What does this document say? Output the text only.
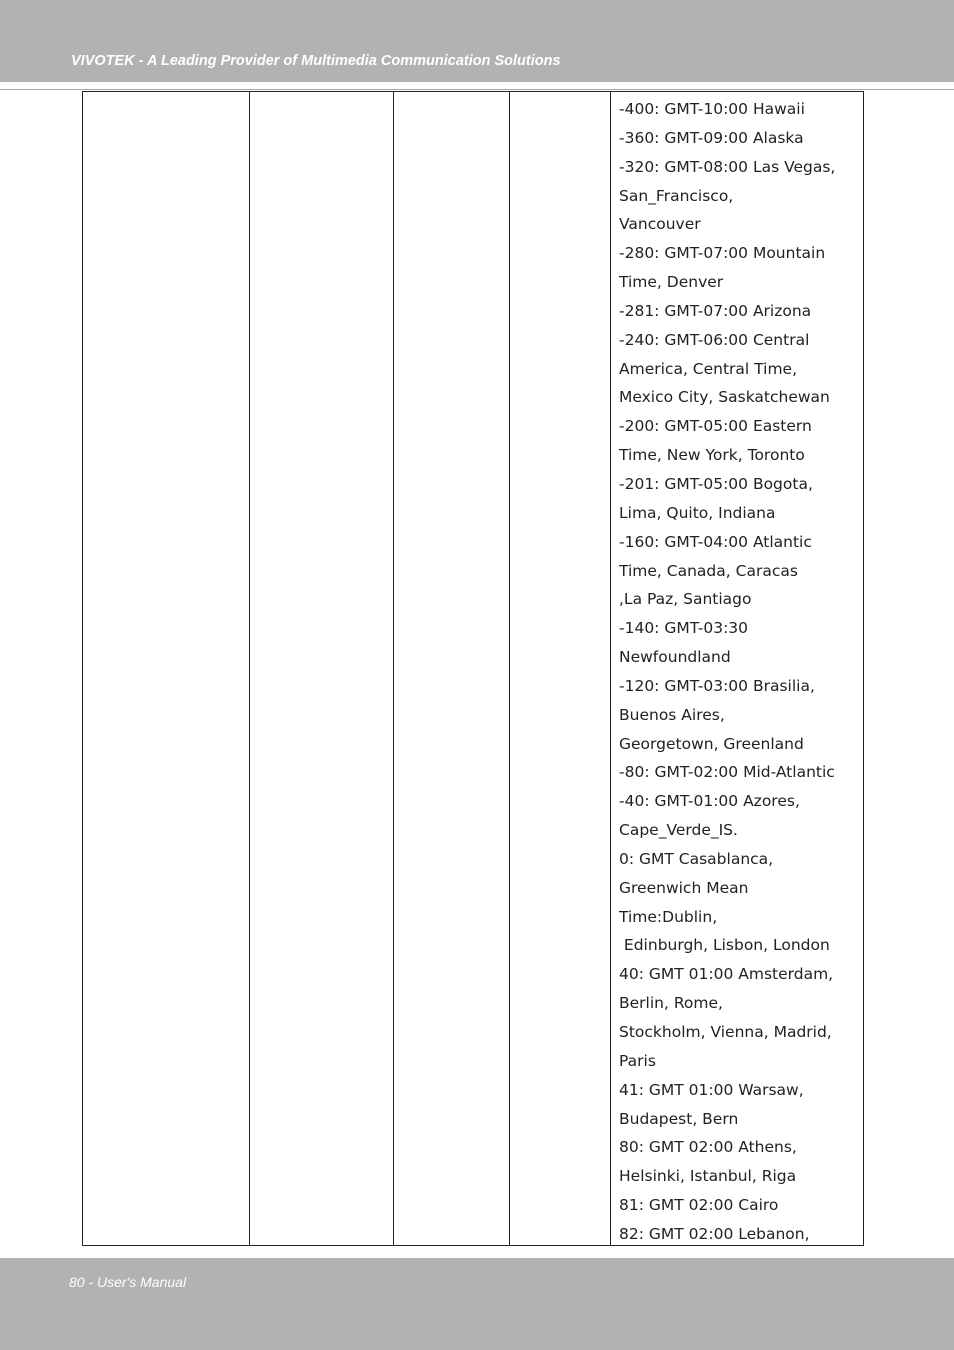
VIVOTEK - A Leading Provider of Multimedia Communication Solutions
-400: GMT-10:00 Hawaii
-360: GMT-09:00 Alaska
-320: GMT-08:00 Las Vegas,
San_Francisco,
Vancouver
-280: GMT-07:00 Mountain
Time, Denver
-281: GMT-07:00 Arizona
-240: GMT-06:00 Central
America, Central Time,
Mexico City, Saskatchewan
-200: GMT-05:00 Eastern
Time, New York, Toronto
-201: GMT-05:00 Bogota,
Lima, Quito, Indiana
-160: GMT-04:00 Atlantic
Time, Canada, Caracas
,La Paz, Santiago
-140: GMT-03:30
Newfoundland
-120: GMT-03:00 Brasilia,
Buenos Aires,
Georgetown, Greenland
-80: GMT-02:00 Mid-Atlantic
-40: GMT-01:00 Azores,
Cape_Verde_IS.
0: GMT Casablanca,
Greenwich Mean
Time:Dublin,
Edinburgh, Lisbon, London
40: GMT 01:00 Amsterdam,
Berlin, Rome,
Stockholm, Vienna, Madrid,
Paris
41: GMT 01:00 Warsaw,
Budapest, Bern
80: GMT 02:00 Athens,
Helsinki, Istanbul, Riga
81: GMT 02:00 Cairo
82: GMT 02:00 Lebanon,
80 - User's Manual
